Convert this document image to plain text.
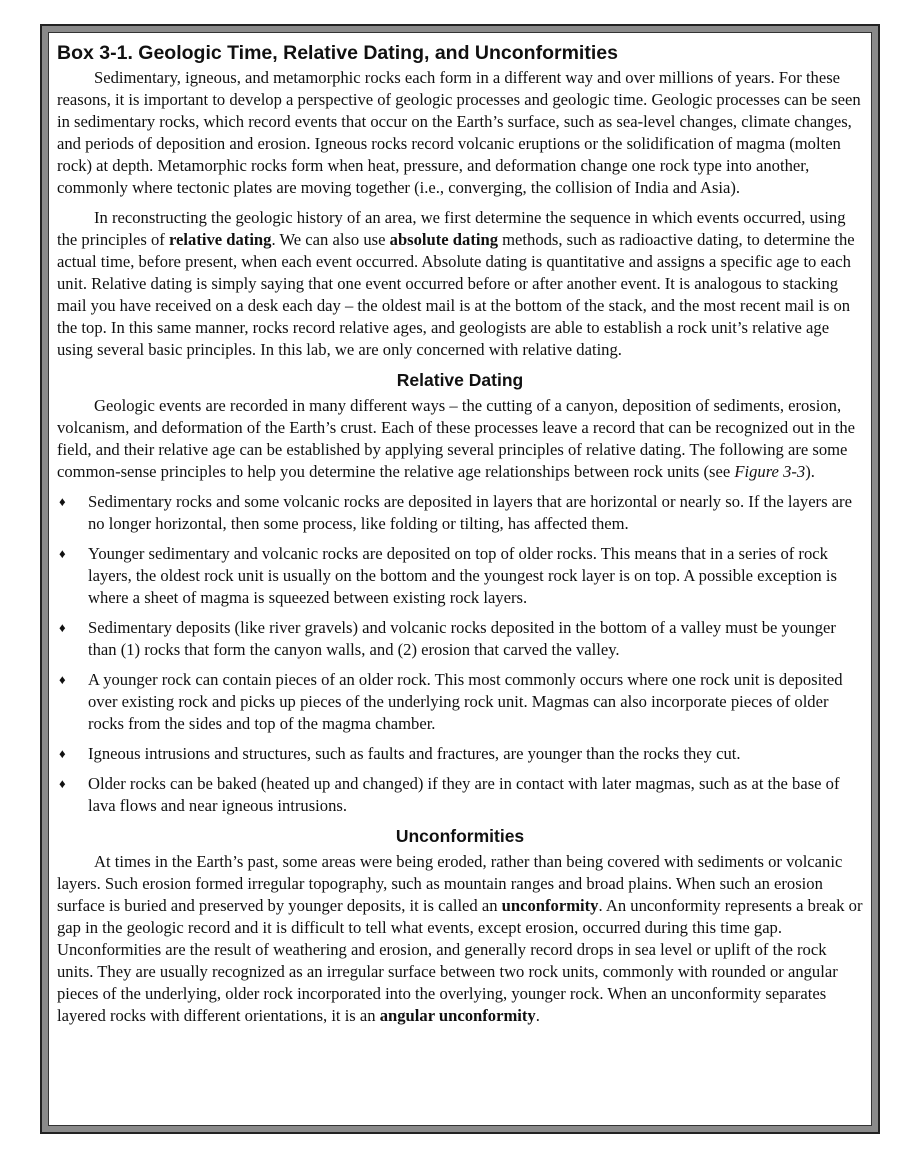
Box 3-1. Geologic Time, Relative Dating, and Unconformities

Sedimentary, igneous, and metamorphic rocks each form in a different way and over millions of years. For these reasons, it is important to develop a perspective of geologic processes and geologic time. Geologic processes can be seen in sedimentary rocks, which record events that occur on the Earth’s surface, such as sea-level changes, climate changes, and periods of deposition and erosion. Igneous rocks record volcanic eruptions or the solidification of magma (molten rock) at depth. Metamorphic rocks form when heat, pressure, and deformation change one rock type into another, commonly where tectonic plates are moving together (i.e., converging, the collision of India and Asia).

In reconstructing the geologic history of an area, we first determine the sequence in which events occurred, using the principles of relative dating. We can also use absolute dating methods, such as radioactive dating, to determine the actual time, before present, when each event occurred. Absolute dating is quantitative and assigns a specific age to each unit. Relative dating is simply saying that one event occurred before or after another event. It is analogous to stacking mail you have received on a desk each day – the oldest mail is at the bottom of the stack, and the most recent mail is on the top. In this same manner, rocks record relative ages, and geologists are able to establish a rock unit’s relative age using several basic principles. In this lab, we are only concerned with relative dating.

Relative Dating

Geologic events are recorded in many different ways – the cutting of a canyon, deposition of sediments, erosion, volcanism, and deformation of the Earth’s crust. Each of these processes leave a record that can be recognized out in the field, and their relative age can be established by applying several principles of relative dating. The following are some common-sense principles to help you determine the relative age relationships between rock units (see Figure 3-3).

♦ Sedimentary rocks and some volcanic rocks are deposited in layers that are horizontal or nearly so. If the layers are no longer horizontal, then some process, like folding or tilting, has affected them.
♦ Younger sedimentary and volcanic rocks are deposited on top of older rocks. This means that in a series of rock layers, the oldest rock unit is usually on the bottom and the youngest rock layer is on top. A possible exception is where a sheet of magma is squeezed between existing rock layers.
♦ Sedimentary deposits (like river gravels) and volcanic rocks deposited in the bottom of a valley must be younger than (1) rocks that form the canyon walls, and (2) erosion that carved the valley.
♦ A younger rock can contain pieces of an older rock. This most commonly occurs where one rock unit is deposited over existing rock and picks up pieces of the underlying rock unit. Magmas can also incorporate pieces of older rocks from the sides and top of the magma chamber.
♦ Igneous intrusions and structures, such as faults and fractures, are younger than the rocks they cut.
♦ Older rocks can be baked (heated up and changed) if they are in contact with later magmas, such as at the base of lava flows and near igneous intrusions.
Unconformities

At times in the Earth’s past, some areas were being eroded, rather than being covered with sediments or volcanic layers. Such erosion formed irregular topography, such as mountain ranges and broad plains. When such an erosion surface is buried and preserved by younger deposits, it is called an unconformity. An unconformity represents a break or gap in the geologic record and it is difficult to tell what events, except erosion, occurred during this time gap. Unconformities are the result of weathering and erosion, and generally record drops in sea level or uplift of the rock units. They are usually recognized as an irregular surface between two rock units, commonly with rounded or angular pieces of the underlying, older rock incorporated into the overlying, younger rock. When an unconformity separates layered rocks with different orientations, it is an angular unconformity.
